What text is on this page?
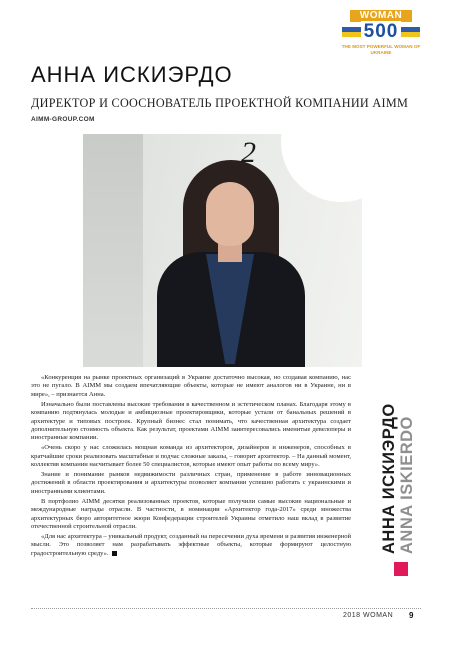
WOMAN
500
THE MOST POWERFUL WOMAN OF UKRAINE
АННА ИСКИЭРДО
ДИРЕКТОР И СООСНОВАТЕЛЬ ПРОЕКТНОЙ КОМПАНИИ AIMM
AIMM-GROUP.COM
2

«Конкуренция на рынке проектных организаций в Украине достаточно высокая, но создавая компанию, нас это не пугало. В AIMM мы создаем впечатляющие объекты, которые не имеют аналогов ни в Украине, ни в мире», – признается Анна.

Изначально были поставлены высокие требования в качественном и эстетическом планах. Благодаря этому в компанию подтянулась молодые и амбициозные проектировщики, которые устали от банальных решений в архитектуре и типовых построек. Крупный бизнес стал понимать, что качественная архитектура создает дополнительную стоимость объекта. Как результат, проектами AIMM заинтересовались именитые девелоперы и иностранные компании.

«Очень скоро у нас сложилась мощная команда из архитекторов, дизайнеров и инженеров, способных в кратчайшие сроки реализовать масштабные и подчас сложные заказы, – говорит архитектор. – На данный момент, коллектив компании насчитывает более 50 специалистов, которые имеют опыт работы по всему миру».

Знание и понимание рынков недвижимости различных стран, применение в работе инновационных достижений в области проектирования и архитектуры позволяет компании успешно работать с украинскими и иностранными клиентами.

В портфолио AIMM десятки реализованных проектов, которые получили самые высокие национальные и международные награды отрасли. В частности, в номинации «Архитектор года-2017» среди множества архитектурных бюро авторитетное жюри Конфедерации строителей Украины отметило наш вклад в развитие отечественной строительной отрасли.

«Для нас архитектура – уникальный продукт, созданный на пересечении духа времени и развития инженерной мысли. Это позволяет нам разрабатывать эффектные объекты, которые формируют целостную градостроительную среду».	АННА ИСКИЭРДО ANNA ISKIERDO
2018 WOMAN 9
